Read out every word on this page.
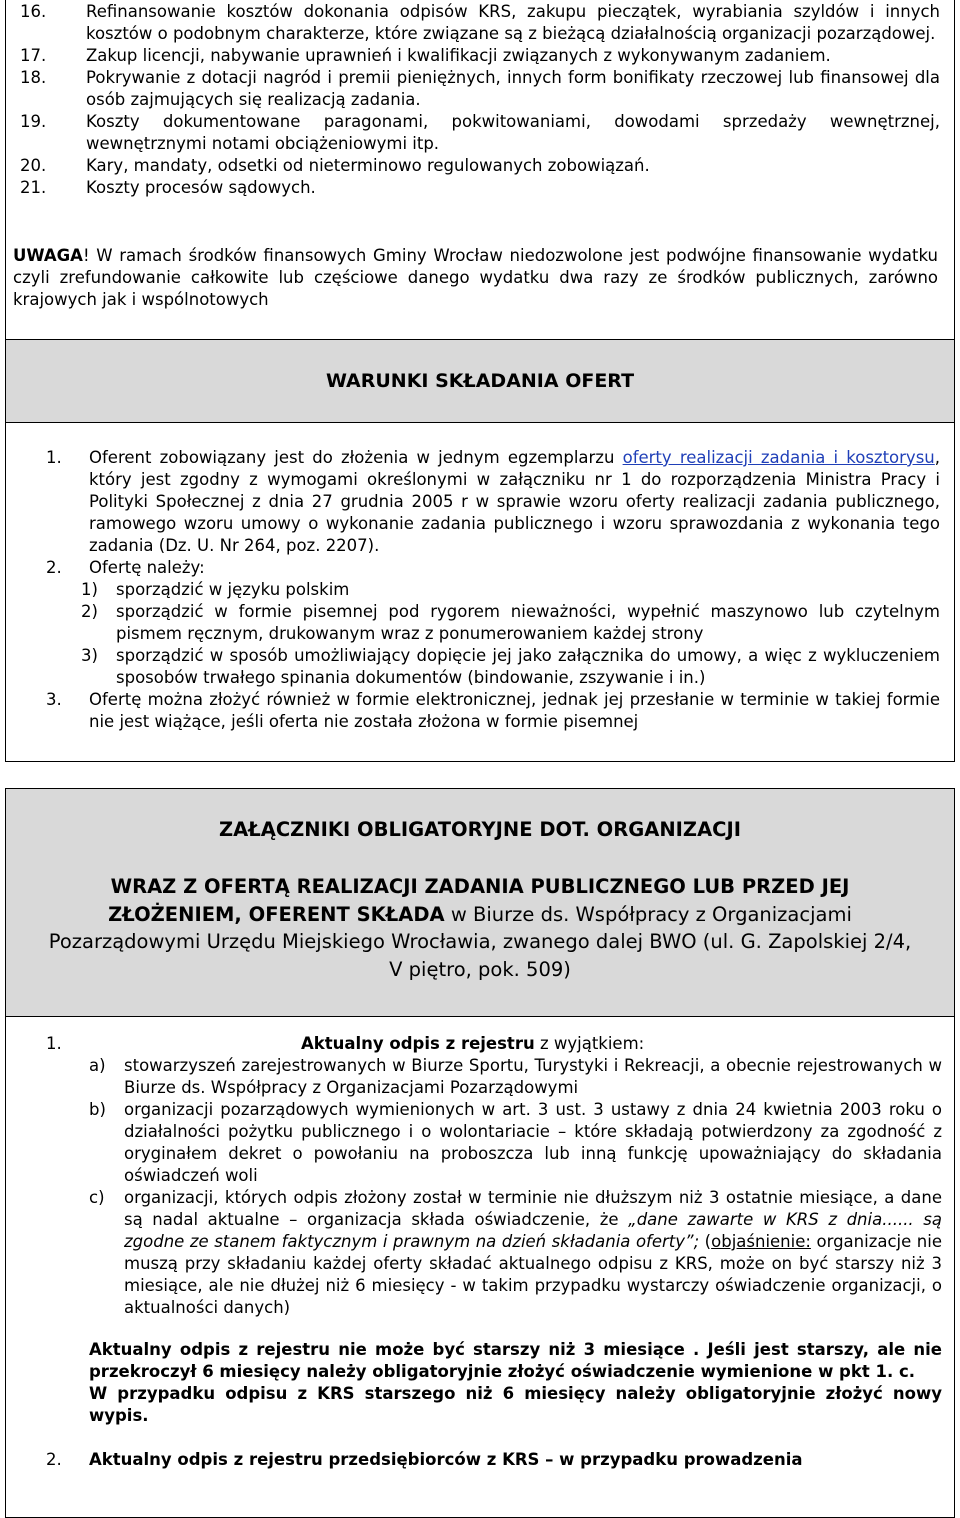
16. Refinansowanie kosztów dokonania odpisów KRS, zakupu pieczątek, wyrabiania szyldów i innych kosztów o podobnym charakterze, które związane są z bieżącą działalnością organizacji pozarządowej.
17. Zakup licencji, nabywanie uprawnień i kwalifikacji związanych z wykonywanym zadaniem.
18. Pokrywanie z dotacji nagród i premii pieniężnych, innych form bonifikaty rzeczowej lub finansowej dla osób zajmujących się realizacją zadania.
19. Koszty dokumentowane paragonami, pokwitowaniami, dowodami sprzedaży wewnętrznej, wewnętrznymi notami obciążeniowymi itp.
20. Kary, mandaty, odsetki od nieterminowo regulowanych zobowiązań.
21. Koszty procesów sądowych.
UWAGA! W ramach środków finansowych Gminy Wrocław niedozwolone jest podwójne finansowanie wydatku czyli zrefundowanie całkowite lub częściowe danego wydatku dwa razy ze środków publicznych, zarówno krajowych jak i wspólnotowych
WARUNKI SKŁADANIA OFERT
1. Oferent zobowiązany jest do złożenia w jednym egzemplarzu oferty realizacji zadania i kosztorysu, który jest zgodny z wymogami określonymi w załączniku nr 1 do rozporządzenia Ministra Pracy i Polityki Społecznej z dnia 27 grudnia 2005 r w sprawie wzoru oferty realizacji zadania publicznego, ramowego wzoru umowy o wykonanie zadania publicznego i wzoru sprawozdania z wykonania tego zadania (Dz. U. Nr 264, poz. 2207).
2. Ofertę należy:
1) sporządzić w języku polskim
2) sporządzić w formie pisemnej pod rygorem nieważności, wypełnić maszynowo lub czytelnym pismem ręcznym, drukowanym wraz z ponumerowaniem każdej strony
3) sporządzić w sposób umożliwiający dopięcie jej jako załącznika do umowy, a więc z wykluczeniem sposobów trwałego spinania dokumentów (bindowanie, zszywanie i in.)
3. Ofertę można złożyć również w formie elektronicznej, jednak jej przesłanie w terminie w takiej formie nie jest wiążące, jeśli oferta nie została złożona w formie pisemnej
ZAŁĄCZNIKI OBLIGATORYJNE DOT. ORGANIZACJI
WRAZ Z OFERTĄ REALIZACJI ZADANIA PUBLICZNEGO LUB PRZED JEJ ZŁOŻENIEM, OFERENT SKŁADA w Biurze ds. Współpracy z Organizacjami Pozarządowymi Urzędu Miejskiego Wrocławia, zwanego dalej BWO (ul. G. Zapolskiej 2/4, V piętro, pok. 509)
1.	Aktualny odpis z rejestru z wyjątkiem:

a) stowarzyszeń zarejestrowanych w Biurze Sportu, Turystyki i Rekreacji, a obecnie rejestrowanych w Biurze ds. Współpracy z Organizacjami Pozarządowymi
b) organizacji pozarządowych wymienionych w art. 3 ust. 3 ustawy z dnia 24 kwietnia 2003 roku o działalności pożytku publicznego i o wolontariacie – które składają potwierdzony za zgodność z oryginałem dekret o powołaniu na proboszcza lub inną funkcję upoważniający do składania oświadczeń woli
c) organizacji, których odpis złożony został w terminie nie dłuższym niż 3 ostatnie miesiące, a dane są nadal aktualne – organizacja składa oświadczenie, że „dane zawarte w KRS z dnia...... są zgodne ze stanem faktycznym i prawnym na dzień składania oferty”; (objaśnienie: organizacje nie muszą przy składaniu każdej oferty składać aktualnego odpisu z KRS, może on być starszy niż 3 miesiące, ale nie dłużej niż 6 miesięcy - w takim przypadku wystarczy oświadczenie organizacji, o aktualności danych)
Aktualny odpis z rejestru nie może być starszy niż 3 miesiące . Jeśli jest starszy, ale nie przekroczył 6 miesięcy należy obligatoryjnie złożyć oświadczenie wymienione w pkt 1. c.
W przypadku odpisu z KRS starszego niż 6 miesięcy należy obligatoryjnie złożyć nowy wypis.
2. Aktualny odpis z rejestru przedsiębiorców z KRS – w przypadku prowadzenia
